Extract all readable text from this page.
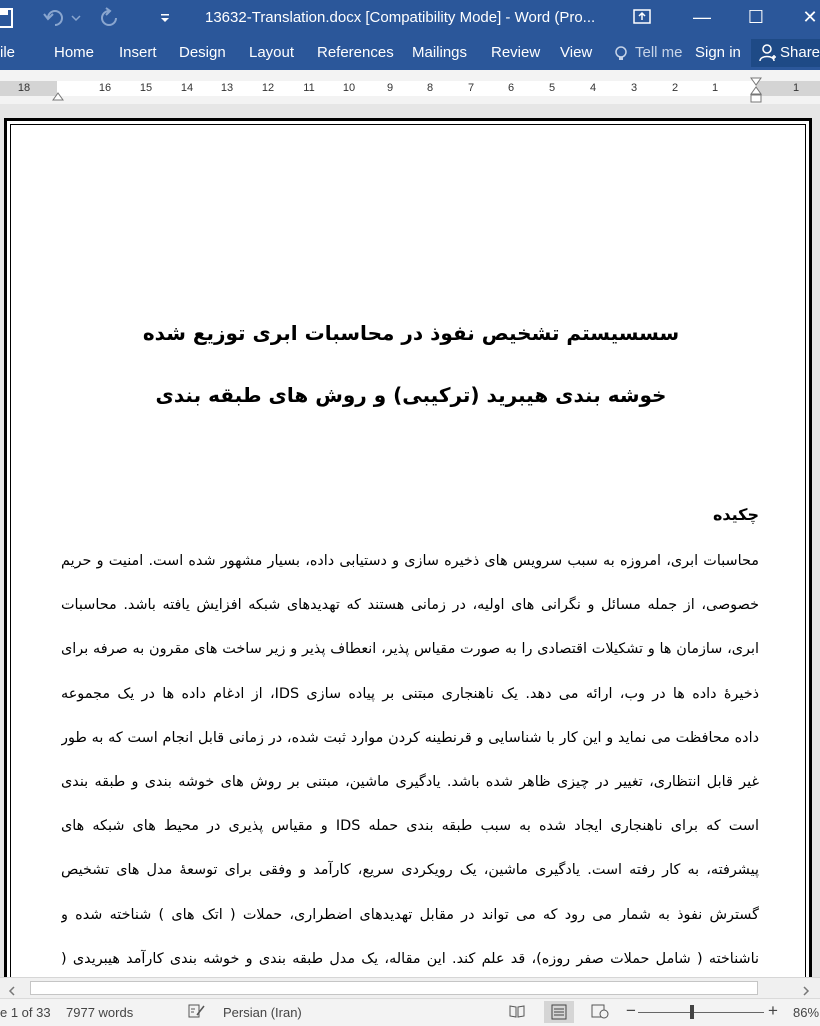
13632-Translation.docx [Compatibility Mode] - Word (Pro...	—	☐	✕
ile	Home Insert Design Layout References Mailings Review View	Tell me Sign in	Share
18	16	15	14	13	12	11	10	9	8	7	6	5	4	3	2	1	1
سسسیستم تشخیص نفوذ در محاسبات ابری توزیع شده
خوشه بندی هیبرید (ترکیبی) و روش های طبقه بندی
چکیده
محاسبات ابری، امروزه به سبب سرویس های ذخیره سازی و دستیابی داده، بسیار مشهور شده است. امنیت و حریم
خصوصی، از جمله مسائل و نگرانی های اولیه، در زمانی هستند که تهدیدهای شبکه افزایش یافته باشد. محاسبات
ابری، سازمان ها و تشکیلات اقتصادی را به صورت مقیاس پذیر، انعطاف پذیر و زیر ساخت های مقرون به صرفه برای
ذخیرهٔ داده ها در وب، ارائه می دهد. یک ناهنجاری مبتنی بر پیاده سازی IDS، از ادغام داده ها در یک مجموعه
داده محافظت می نماید و این کار با شناسایی و قرنطینه کردن موارد ثبت شده، در زمانی قابل انجام است که به طور
غیر قابل انتظاری، تغییر در چیزی ظاهر شده باشد. یادگیری ماشین، مبتنی بر روش های خوشه بندی و طبقه بندی
است که برای ناهنجاری ایجاد شده به سبب طبقه بندی حمله IDS و مقیاس پذیری در محیط های شبکه های
پیشرفته، به کار رفته است. یادگیری ماشین، یک رویکردی سریع، کارآمد و وفقی برای توسعهٔ مدل های تشخیص
گسترش نفوذ به شمار می رود که می تواند در مقابل تهدیدهای اضطراری، حملات ( اتک های ) شناخته شده و
ناشناخته ( شامل حملات صفر روزه)، قد علم کند. این مقاله، یک مدل طبقه بندی و خوشه بندی کارآمد هیبریدی (
e 1 of 33 7977 words	Persian (Iran)	−	+ 86%
